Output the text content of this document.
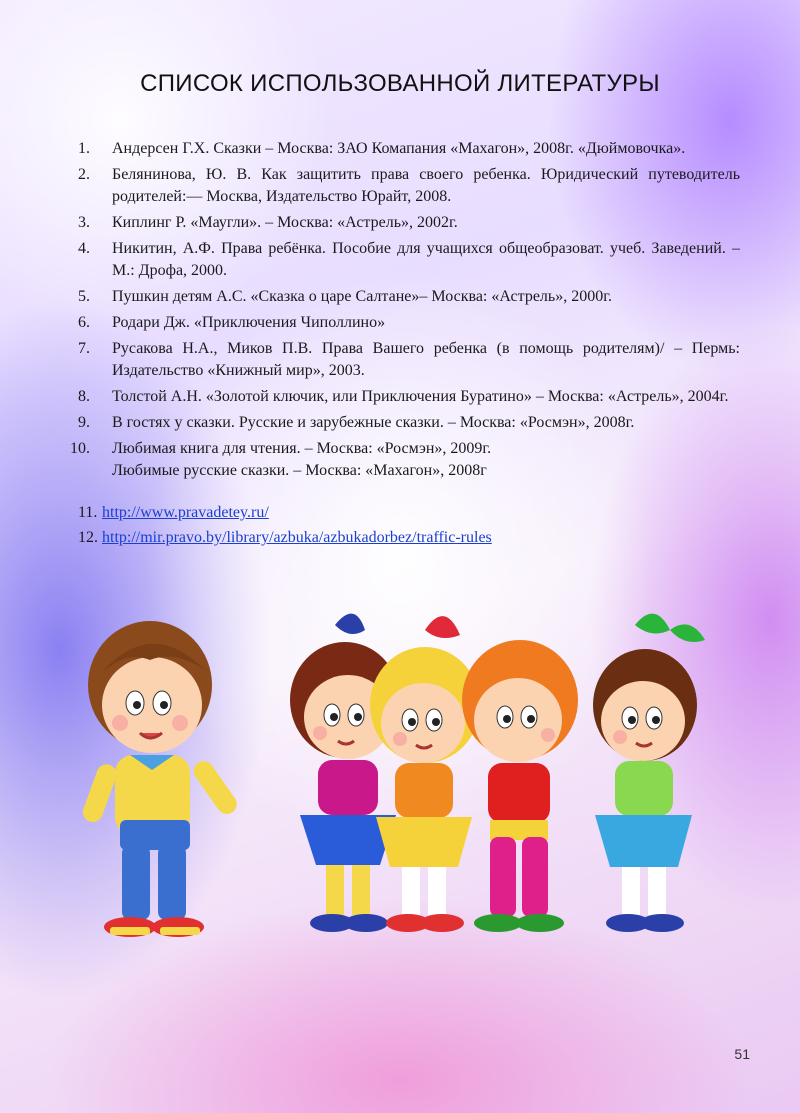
СПИСОК ИСПОЛЬЗОВАННОЙ ЛИТЕРАТУРЫ
1. Андерсен Г.Х. Сказки – Москва: ЗАО Комапания «Махагон», 2008г. «Дюймовочка».
2. Белянинова, Ю. В. Как защитить права своего ребенка. Юридический путеводитель родителей:— Москва, Издательство Юрайт, 2008.
3. Киплинг Р. «Маугли». – Москва: «Астрель», 2002г.
4. Никитин, А.Ф. Права ребёнка. Пособие для учащихся общеобразоват. учеб. Заведений. – М.: Дрофа, 2000.
5. Пушкин детям А.С. «Сказка о царе Салтане»– Москва: «Астрель», 2000г.
6. Родари Дж. «Приключения Чиполлино»
7. Русакова Н.А., Миков П.В. Права Вашего ребенка (в помощь родителям)/ – Пермь: Издательство «Книжный мир», 2003.
8. Толстой А.Н. «Золотой ключик, или Приключения Буратино» – Москва: «Астрель», 2004г.
9. В гостях у сказки. Русские и зарубежные сказки. – Москва: «Росмэн», 2008г.
10. Любимая книга для чтения. – Москва: «Росмэн», 2009г.
Любимые русские сказки. – Москва: «Махагон», 2008г
11. http://www.pravadetey.ru/
12. http://mir.pravo.by/library/azbuka/azbukadorbez/traffic-rules
51
